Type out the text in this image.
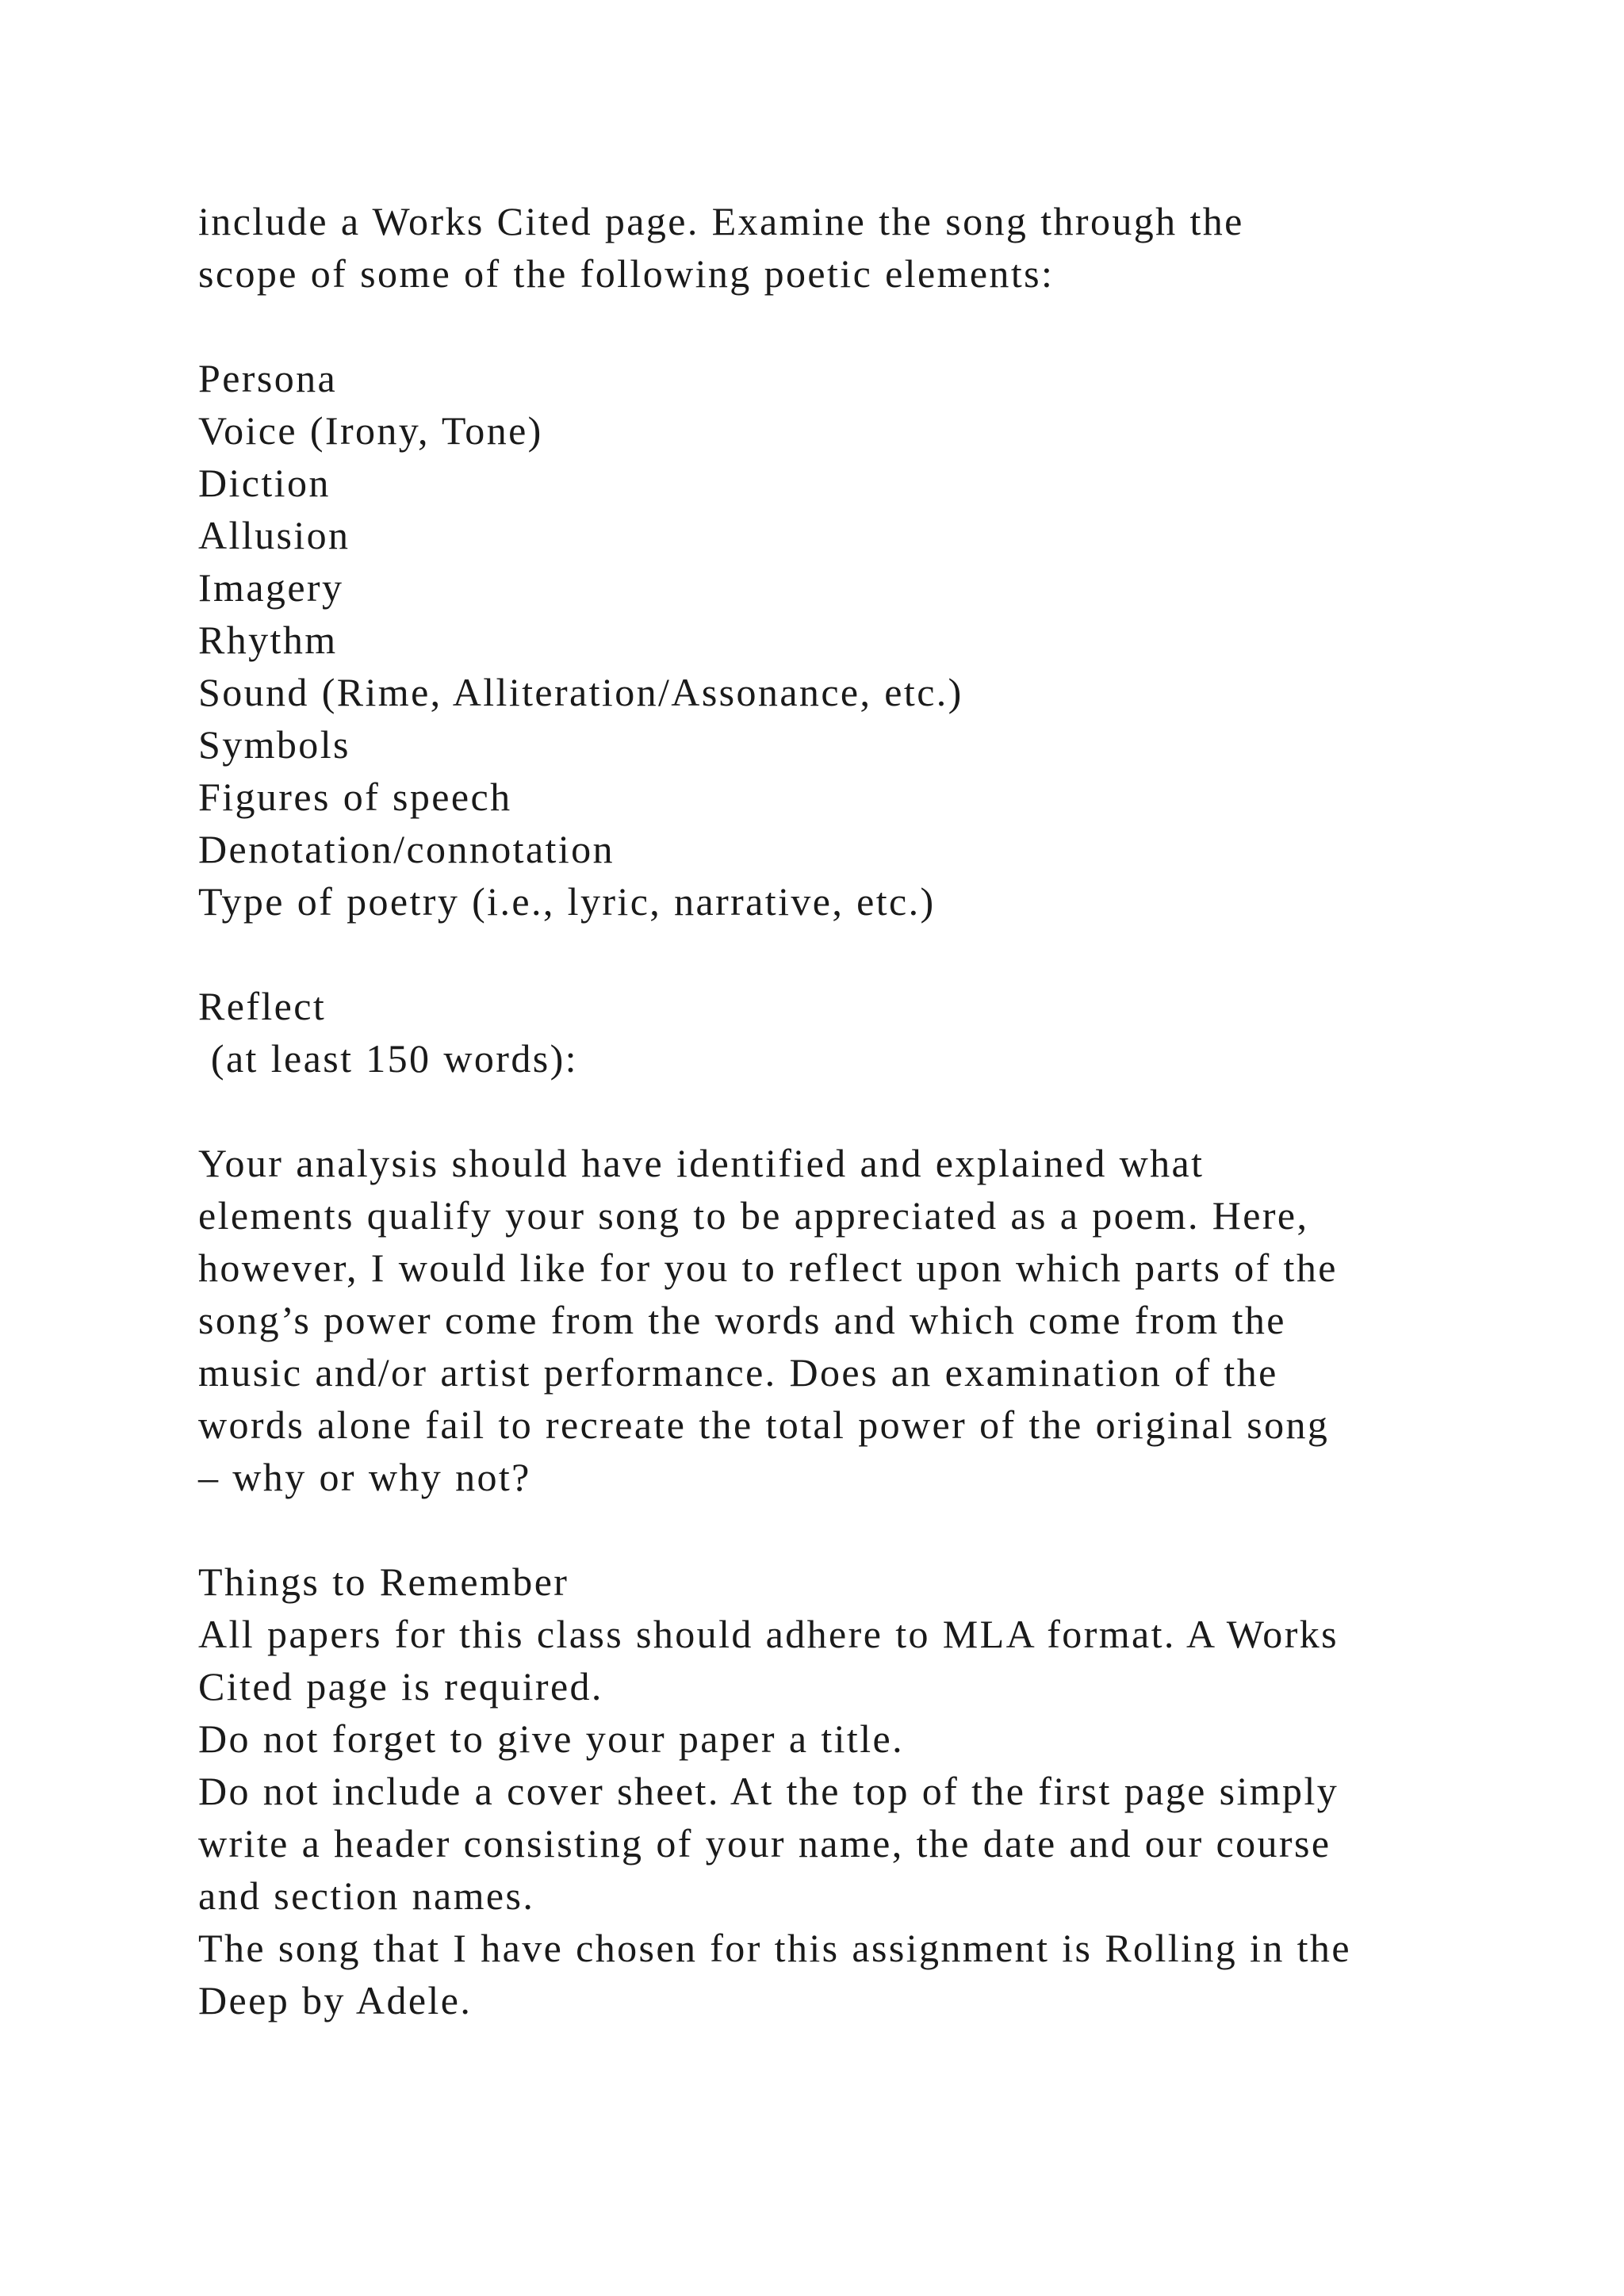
include a Works Cited page. Examine the song through the
scope of some of the following poetic elements:
Persona
Voice (Irony, Tone)
Diction
Allusion
Imagery
Rhythm
Sound (Rime, Alliteration/Assonance, etc.)
Symbols
Figures of speech
Denotation/connotation
Type of poetry (i.e., lyric, narrative, etc.)
Reflect
(at least 150 words):
Your analysis should have identified and explained what
elements qualify your song to be appreciated as a poem. Here,
however, I would like for you to reflect upon which parts of the
song’s power come from the words and which come from the
music and/or artist performance. Does an examination of the
words alone fail to recreate the total power of the original song
– why or why not?
Things to Remember
All papers for this class should adhere to MLA format. A Works
Cited page is required.
Do not forget to give your paper a title.
Do not include a cover sheet. At the top of the first page simply
write a header consisting of your name, the date and our course
and section names.
The song that I have chosen for this assignment is Rolling in the
Deep by Adele.
